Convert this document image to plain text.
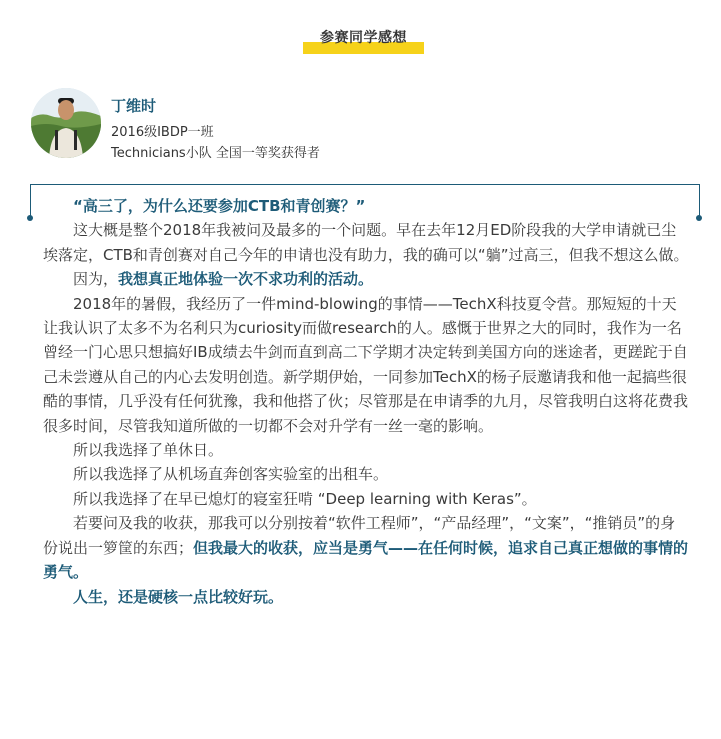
参赛同学感想
丁维时
2016级IBDP一班
Technicians小队 全国一等奖获得者

“高三了，为什么还要参加CTB和青创赛？”

这大概是整个2018年我被问及最多的一个问题。早在去年12月ED阶段我的大学申请就已尘埃落定，CTB和青创赛对自己今年的申请也没有助力，我的确可以“躺”过高三，但我不想这么做。

因为，我想真正地体验一次不求功利的活动。

2018年的暑假，我经历了一件mind-blowing的事情——TechX科技夏令营。那短短的十天让我认识了太多不为名利只为curiosity而做research的人。感慨于世界之大的同时，我作为一名曾经一门心思只想搞好IB成绩去牛剑而直到高二下学期才决定转到美国方向的迷途者，更蹉跎于自己未尝遵从自己的内心去发明创造。新学期伊始，一同参加TechX的杨子辰邀请我和他一起搞些很酷的事情，几乎没有任何犹豫，我和他搭了伙；尽管那是在申请季的九月，尽管我明白这将花费我很多时间，尽管我知道所做的一切都不会对升学有一丝一毫的影响。

所以我选择了单休日。

所以我选择了从机场直奔创客实验室的出租车。

所以我选择了在早已熄灯的寝室狂啃 “Deep learning with Keras”。

若要问及我的收获，那我可以分别按着“软件工程师”，“产品经理”，“文案”，“推销员”的身份说出一箩筐的东西；但我最大的收获，应当是勇气——在任何时候，追求自己真正想做的事情的勇气。

人生，还是硬核一点比较好玩。
